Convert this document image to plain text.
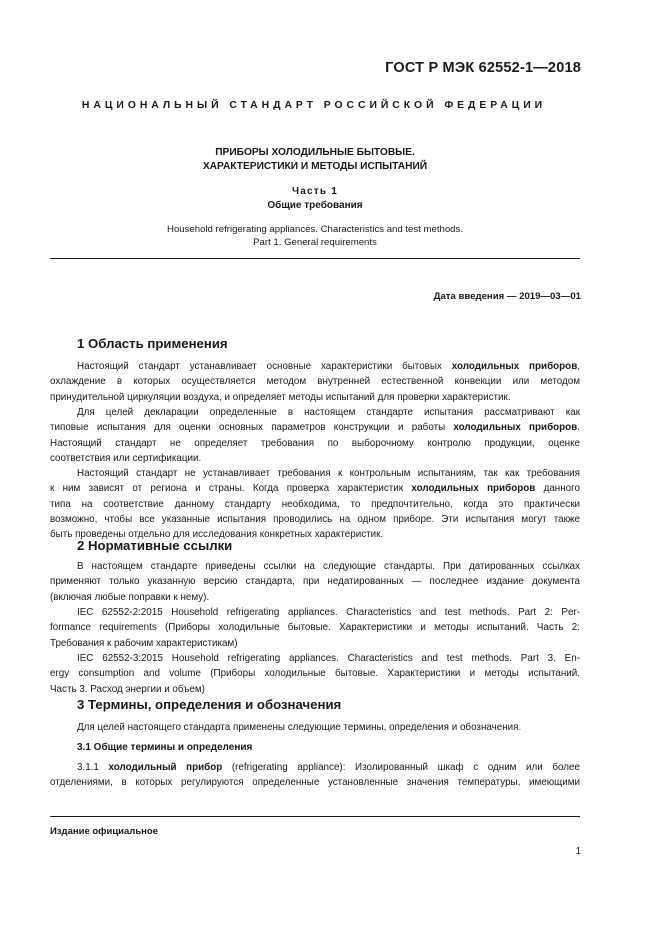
ГОСТ Р МЭК 62552-1—2018
НАЦИОНАЛЬНЫЙ СТАНДАРТ РОССИЙСКОЙ ФЕДЕРАЦИИ
ПРИБОРЫ ХОЛОДИЛЬНЫЕ БЫТОВЫЕ.
ХАРАКТЕРИСТИКИ И МЕТОДЫ ИСПЫТАНИЙ
Часть 1
Общие требования
Household refrigerating appliances. Characteristics and test methods.
Part 1. General requirements
Дата введения — 2019—03—01
1 Область применения
Настоящий стандарт устанавливает основные характеристики бытовых холодильных приборов,
охлаждение в которых осуществляется методом внутренней естественной конвекции или методом
принудительной циркуляции воздуха, и определяет методы испытаний для проверки характеристик.
Для целей декларации определенные в настоящем стандарте испытания рассматривают как
типовые испытания для оценки основных параметров конструкции и работы холодильных приборов.
Настоящий стандарт не определяет требования по выборочному контролю продукции, оценке
соответствия или сертификации.
Настоящий стандарт не устанавливает требования к контрольным испытаниям, так как требования
к ним зависят от региона и страны. Когда проверка характеристик холодильных приборов данного
типа на соответствие данному стандарту необходима, то предпочтительно, когда это практически
возможно, чтобы все указанные испытания проводились на одном приборе. Эти испытания могут также
быть проведены отдельно для исследования конкретных характеристик.
2 Нормативные ссылки
В настоящем стандарте приведены ссылки на следующие стандарты. При датированных ссылках
применяют только указанную версию стандарта, при недатированных — последнее издание документа
(включая любые поправки к нему).
IEC 62552-2:2015 Household refrigerating appliances. Characteristics and test methods. Part 2: Per-
formance requirements (Приборы холодильные бытовые. Характеристики и методы испытаний. Часть 2:
Требования к рабочим характеристикам)
IEC 62552-3:2015 Household refrigerating appliances. Characteristics and test methods. Part 3. En-
ergy consumption and volume (Приборы холодильные бытовые. Характеристики и методы испытаний.
Часть 3. Расход энергии и объем)
3 Термины, определения и обозначения
Для целей настоящего стандарта применены следующие термины, определения и обозначения.
3.1 Общие термины и определения
3.1.1 холодильный прибор (refrigerating appliance): Изолированный шкаф с одним или более
отделениями, в которых регулируются определенные установленные значения температуры, имеющими
Издание официальное
1
